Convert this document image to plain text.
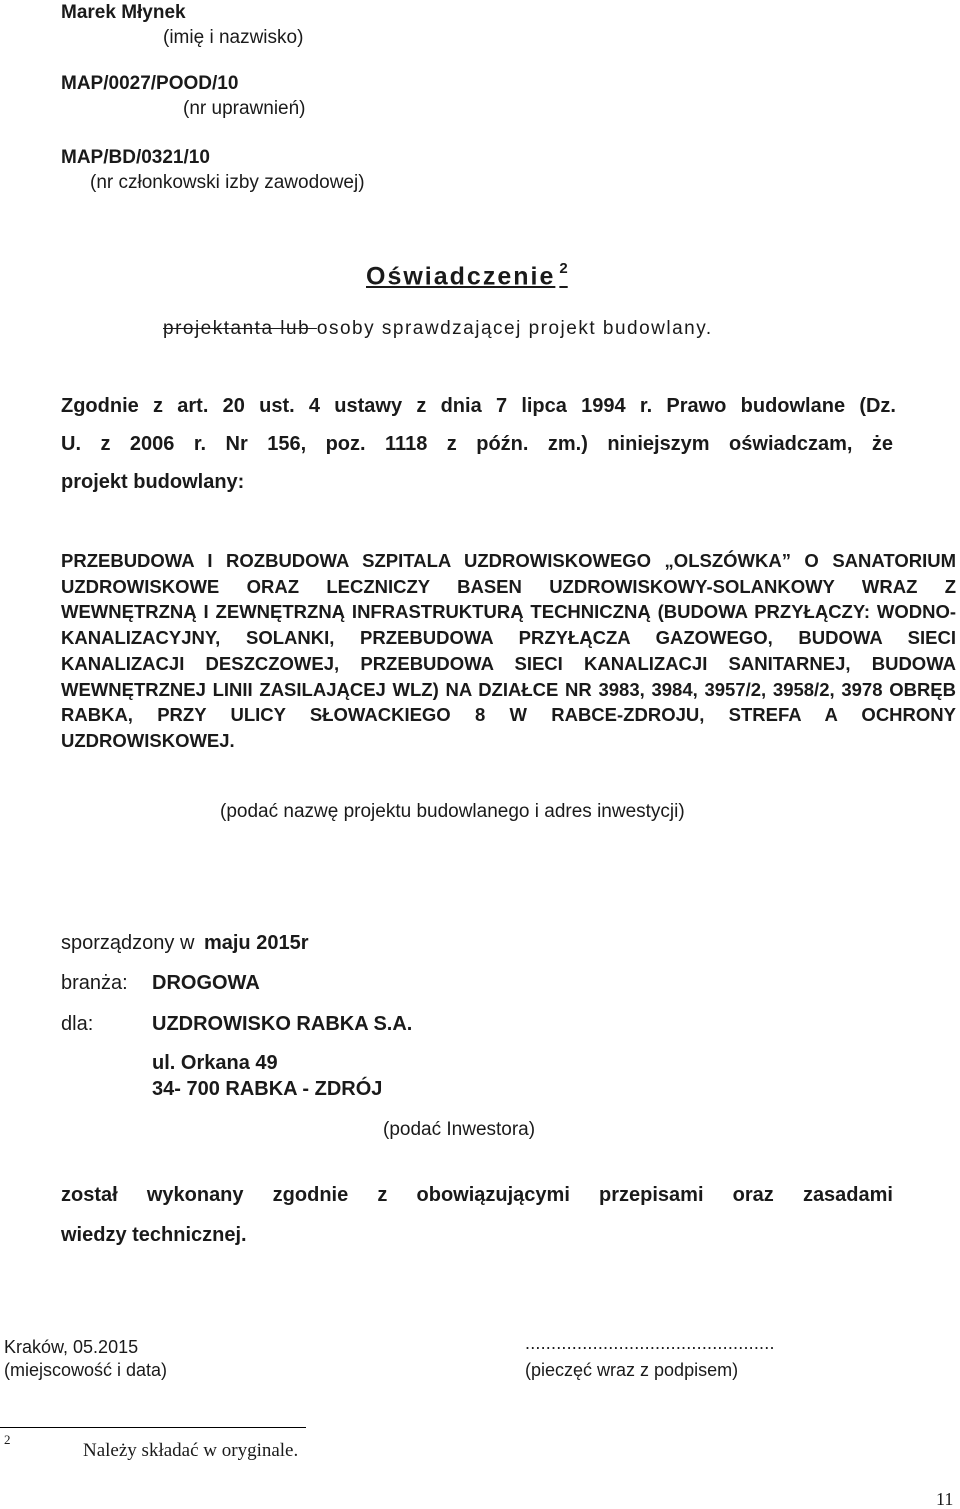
Marek Młynek
(imię i nazwisko)
MAP/0027/POOD/10
(nr uprawnień)
MAP/BD/0321/10
(nr członkowski izby zawodowej)
Oświadczenie $^2$
projektanta lub osoby sprawdzającej projekt budowlany.

Zgodnie z art. 20 ust. 4 ustawy z dnia 7 lipca 1994 r. Prawo budowlane (Dz.

U. z 2006 r. Nr 156, poz. 1118 z późn. zm.) niniejszym oświadczam, że

projekt budowlany:

PRZEBUDOWA I ROZBUDOWA SZPITALA UZDROWISKOWEGO „OLSZÓWKA” O SANATORIUM UZDROWISKOWE ORAZ LECZNICZY BASEN UZDROWISKOWY-SOLANKOWY WRAZ Z WEWNĘTRZNĄ I ZEWNĘTRZNĄ INFRASTRUKTURĄ TECHNICZNĄ (BUDOWA PRZYŁĄCZY: WODNO- KANALIZACYJNY, SOLANKI, PRZEBUDOWA PRZYŁĄCZA GAZOWEGO, BUDOWA SIECI KANALIZACJI DESZCZOWEJ, PRZEBUDOWA SIECI KANALIZACJI SANITARNEJ, BUDOWA WEWNĘTRZNEJ LINII ZASILAJĄCEJ WLZ) NA DZIAŁCE NR 3983, 3984, 3957/2, 3958/2, 3978 OBRĘB RABKA, PRZY ULICY SŁOWACKIEGO 8 W RABCE-ZDROJU, STREFA A OCHRONY UZDROWISKOWEJ.
(podać nazwę projektu budowlanego i adres inwestycji)
sporządzony w maju 2015r
branża: DROGOWA
dla:	UZDROWISKO RABKA S.A.
ul. Orkana 49
34- 700 RABKA - ZDRÓJ
(podać Inwestora)
został wykonany zgodnie z obowiązującymi przepisami oraz zasadami
wiedzy technicznej.
Kraków, 05.2015
(miejscowość i data)
................................................
(pieczęć wraz z podpisem)
2
Należy składać w oryginale.
11
